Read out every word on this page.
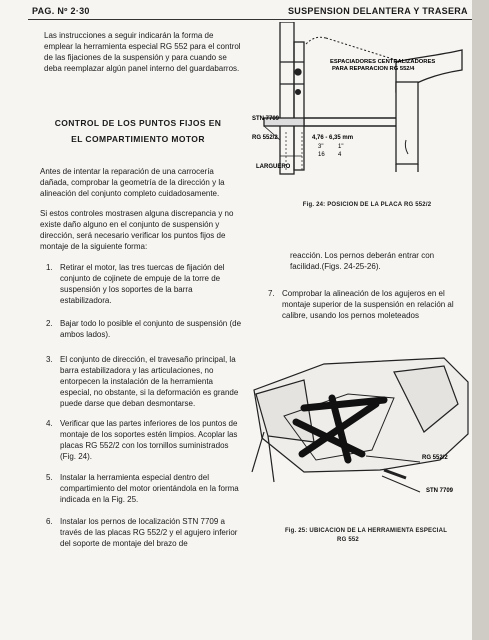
PAG. Nº 2·30	SUSPENSION DELANTERA Y TRASERA
Las instrucciones a seguir indicarán la forma de emplear la herramienta especial RG 552 para el control de las fijaciones de la suspensión y para cuando se deba reemplazar algún panel interno del guardabarros.
CONTROL DE LOS PUNTOS FIJOS EN
EL COMPARTIMIENTO MOTOR
Antes de intentar la reparación de una carrocería dañada, comprobar la geometría de la dirección y la alineación del conjunto completo cuidadosamente.
Si estos controles mostrasen alguna discrepancia y no existe daño alguno en el conjunto de suspensión y dirección, será necesario verificar los puntos fijos de montaje de la siguiente forma:
1. Retirar el motor, las tres tuercas de fijación del conjunto de cojinete de empuje de la torre de suspensión y los soportes de la barra estabilizadora.
2. Bajar todo lo posible el conjunto de suspensión (de ambos lados).
3. El conjunto de dirección, el travesaño principal, la barra estabilizadora y las articulaciones, no entorpecen la instalación de la herramienta especial, no obstante, si la deformación es grande puede darse que deban desmontarse.
4. Verificar que las partes inferiores de los puntos de montaje de los soportes estén limpios. Acoplar las placas RG 552/2 con los tornillos suministrados (Fig. 24).
5. Instalar la herramienta especial dentro del compartimiento del motor orientándola en la forma indicada en la Fig. 25.
6. Instalar los pernos de localización STN 7709 a través de las placas RG 552/2 y el agujero inferior del soporte de montaje del brazo de
reacción. Los pernos deberán entrar con facilidad.(Figs. 24-25-26).
7. Comprobar la alineación de los agujeros en el montaje superior de la suspensión en relación al calibre, usando los pernos moleteados
ESPACIADORES CENTRALIZADORES
PARA REPARACION RG 552/4
STN 7709
RG 552/2	4,76 - 6,35 mm
3" 1"
16 4
LARGUERO
Fig. 24: POSICION DE LA PLACA RG 552/2
RG 552/2
STN 7709
Fig. 25: UBICACION DE LA HERRAMIENTA ESPECIAL
RG 552
